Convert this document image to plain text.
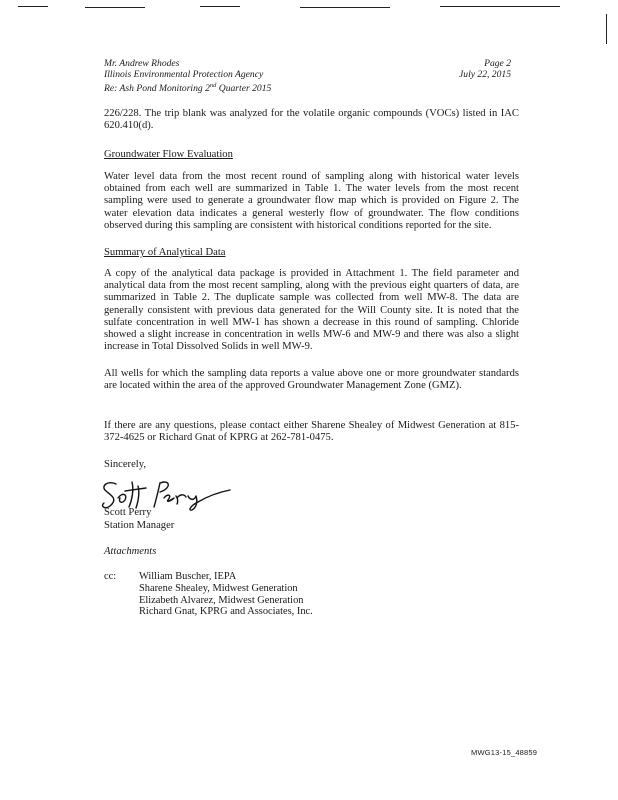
Mr. Andrew Rhodes
Illinois Environmental Protection Agency
Re: Ash Pond Monitoring 2nd Quarter 2015
Page 2
July 22, 2015
226/228. The trip blank was analyzed for the volatile organic compounds (VOCs) listed in IAC 620.410(d).
Groundwater Flow Evaluation
Water level data from the most recent round of sampling along with historical water levels obtained from each well are summarized in Table 1. The water levels from the most recent sampling were used to generate a groundwater flow map which is provided on Figure 2. The water elevation data indicates a general westerly flow of groundwater. The flow conditions observed during this sampling are consistent with historical conditions reported for the site.
Summary of Analytical Data
A copy of the analytical data package is provided in Attachment 1. The field parameter and analytical data from the most recent sampling, along with the previous eight quarters of data, are summarized in Table 2. The duplicate sample was collected from well MW-8. The data are generally consistent with previous data generated for the Will County site. It is noted that the sulfate concentration in well MW-1 has shown a decrease in this round of sampling. Chloride showed a slight increase in concentration in wells MW-6 and MW-9 and there was also a slight increase in Total Dissolved Solids in well MW-9.
All wells for which the sampling data reports a value above one or more groundwater standards are located within the area of the approved Groundwater Management Zone (GMZ).
If there are any questions, please contact either Sharene Shealey of Midwest Generation at 815-372-4625 or Richard Gnat of KPRG at 262-781-0475.
Sincerely,
Scott Perry
Station Manager
Attachments
cc: William Buscher, IEPA
Sharene Shealey, Midwest Generation
Elizabeth Alvarez, Midwest Generation
Richard Gnat, KPRG and Associates, Inc.
MWG13-15_48859
